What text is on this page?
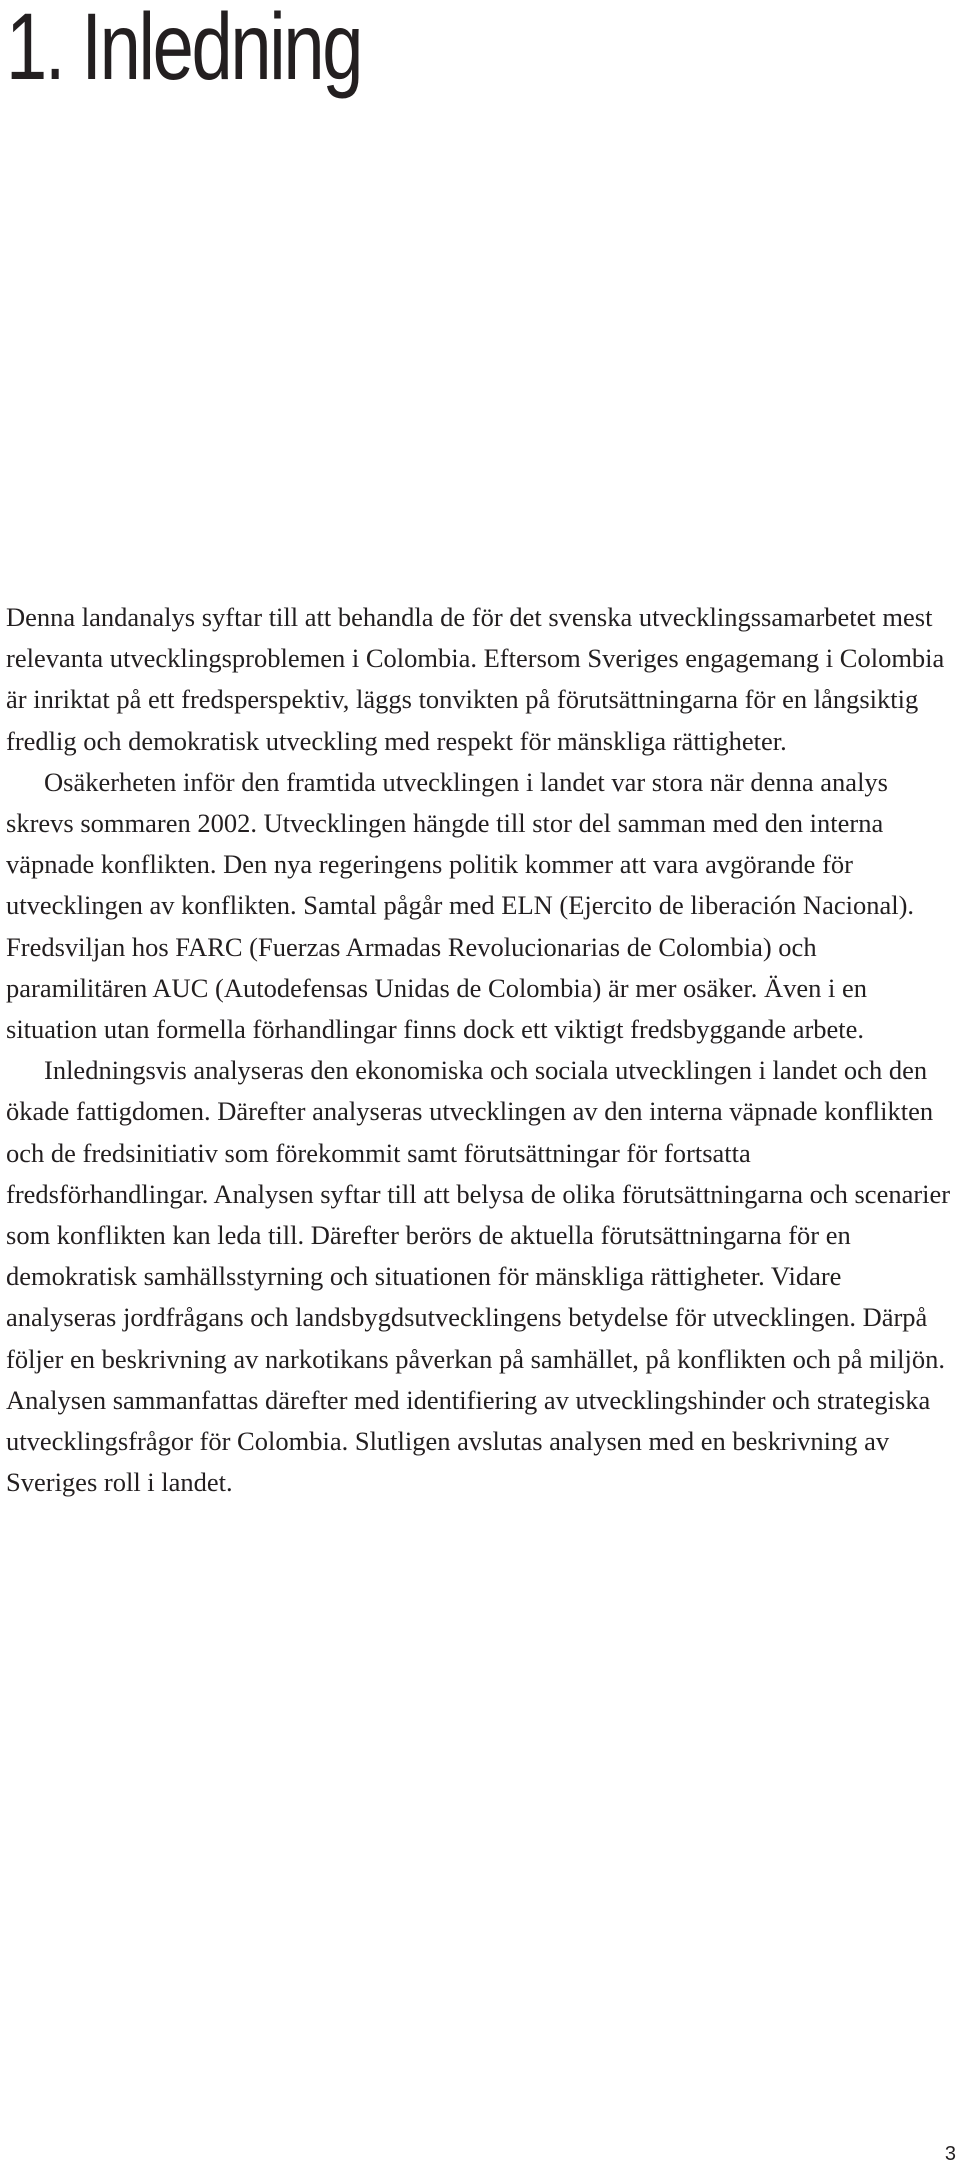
1. Inledning

Denna landanalys syftar till att behandla de för det svenska utvecklingssamarbetet mest relevanta utvecklingsproblemen i Colombia. Eftersom Sveriges engagemang i Colombia är inriktat på ett fredsperspektiv, läggs tonvikten på förutsättningarna för en långsiktig fredlig och demokratisk utveckling med respekt för mänskliga rättigheter.

Osäkerheten inför den framtida utvecklingen i landet var stora när denna analys skrevs sommaren 2002. Utvecklingen hängde till stor del samman med den interna väpnade konflikten. Den nya regeringens politik kommer att vara avgörande för utvecklingen av konflikten. Samtal pågår med ELN (Ejercito de liberación Nacional). Fredsviljan hos FARC (Fuerzas Armadas Revolucionarias de Colombia) och paramilitären AUC (Autodefensas Unidas de Colombia) är mer osäker. Även i en situation utan formella förhandlingar finns dock ett viktigt fredsbyggande arbete.

Inledningsvis analyseras den ekonomiska och sociala utvecklingen i landet och den ökade fattigdomen. Därefter analyseras utvecklingen av den interna väpnade konflikten och de fredsinitiativ som förekommit samt förutsättningar för fortsatta fredsförhandlingar. Analysen syftar till att belysa de olika förutsättningarna och scenarier som konflikten kan leda till. Därefter berörs de aktuella förutsättningarna för en demokratisk samhällsstyrning och situationen för mänskliga rättigheter. Vidare analyseras jordfrågans och landsbygdsutvecklingens betydelse för utvecklingen. Därpå följer en beskrivning av narkotikans påverkan på samhället, på konflikten och på miljön. Analysen sammanfattas därefter med identifiering av utvecklingshinder och strategiska utvecklingsfrågor för Colombia. Slutligen avslutas analysen med en beskrivning av Sveriges roll i landet.

3
